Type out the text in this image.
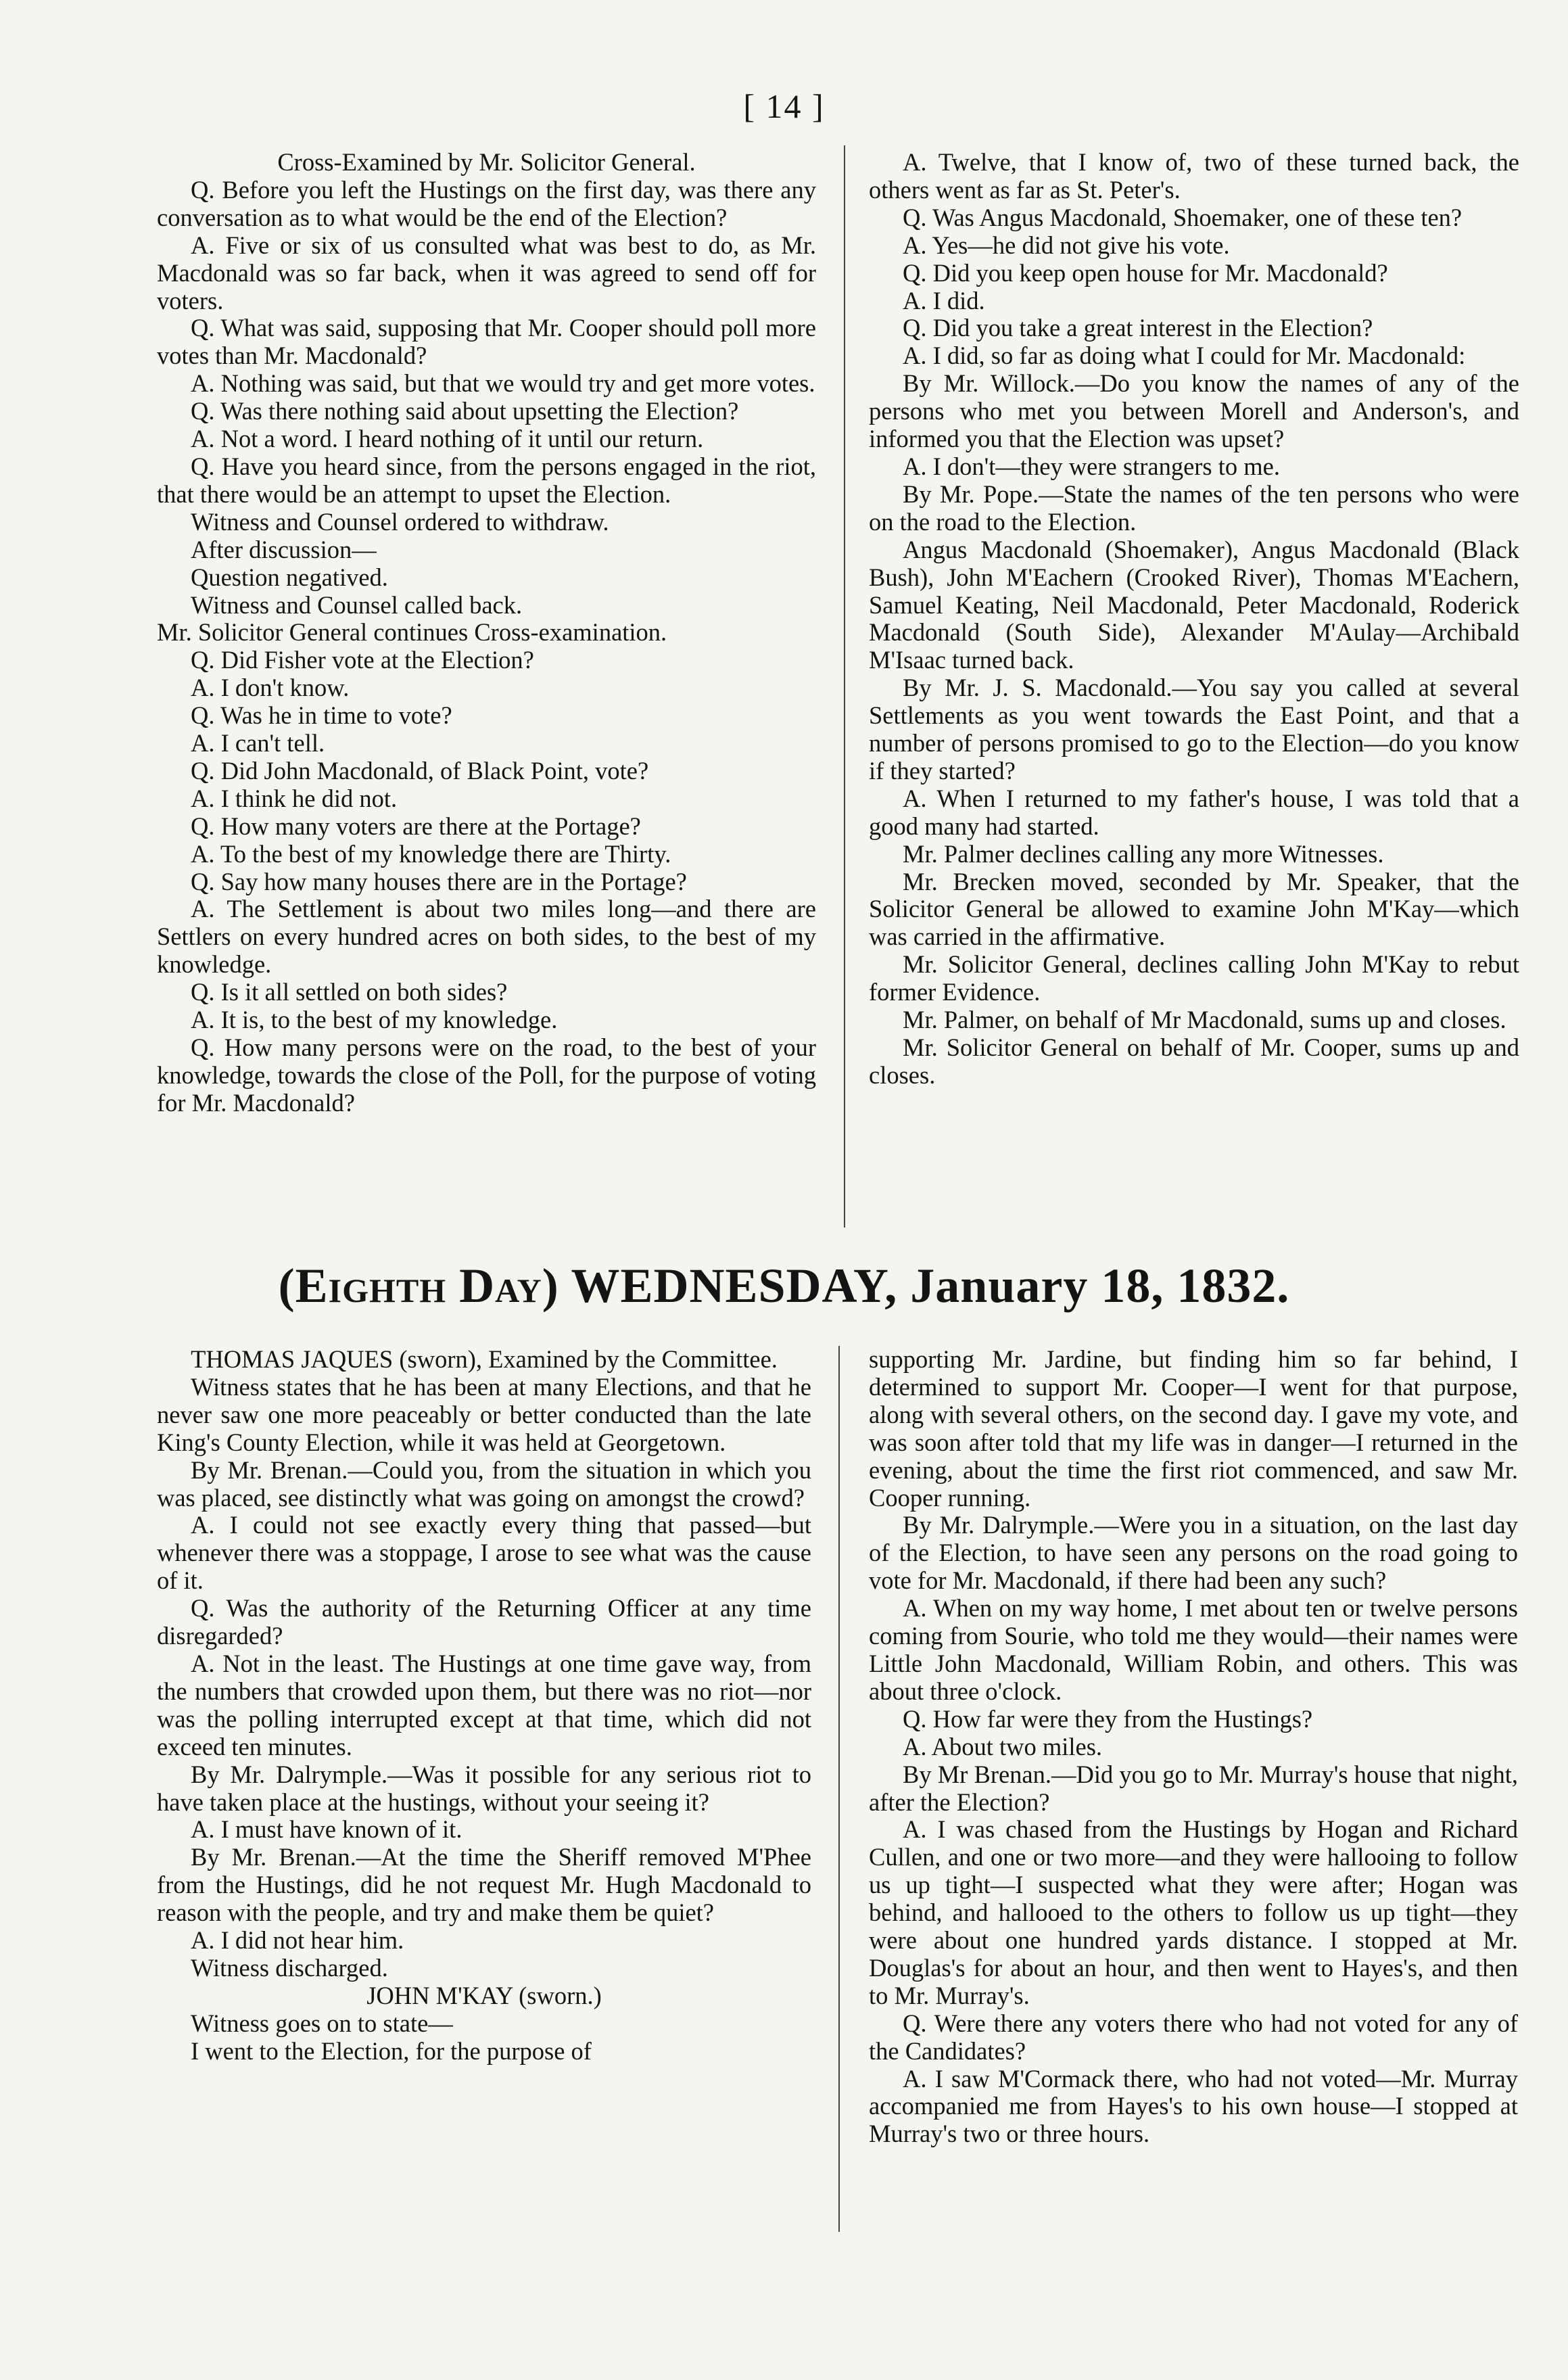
[ 14 ]

Cross-Examined by Mr. Solicitor General.

Q. Before you left the Hustings on the first day, was there any conversation as to what would be the end of the Election?

A. Five or six of us consulted what was best to do, as Mr. Macdonald was so far back, when it was agreed to send off for voters.

Q. What was said, supposing that Mr. Cooper should poll more votes than Mr. Macdonald?

A. Nothing was said, but that we would try and get more votes.

Q. Was there nothing said about upsetting the Election?

A. Not a word. I heard nothing of it until our return.

Q. Have you heard since, from the persons engaged in the riot, that there would be an attempt to upset the Election.

Witness and Counsel ordered to withdraw.

After discussion—

Question negatived.

Witness and Counsel called back.

Mr. Solicitor General continues Cross-examination.

Q. Did Fisher vote at the Election?

A. I don't know.

Q. Was he in time to vote?

A. I can't tell.

Q. Did John Macdonald, of Black Point, vote?

A. I think he did not.

Q. How many voters are there at the Portage?

A. To the best of my knowledge there are Thirty.

Q. Say how many houses there are in the Portage?

A. The Settlement is about two miles long—and there are Settlers on every hundred acres on both sides, to the best of my knowledge.

Q. Is it all settled on both sides?

A. It is, to the best of my knowledge.

Q. How many persons were on the road, to the best of your knowledge, towards the close of the Poll, for the purpose of voting for Mr. Macdonald?

A. Twelve, that I know of, two of these turned back, the others went as far as St. Peter's.

Q. Was Angus Macdonald, Shoemaker, one of these ten?

A. Yes—he did not give his vote.

Q. Did you keep open house for Mr. Macdonald?

A. I did.

Q. Did you take a great interest in the Election?

A. I did, so far as doing what I could for Mr. Macdonald:

By Mr. Willock.—Do you know the names of any of the persons who met you between Morell and Anderson's, and informed you that the Election was upset?

A. I don't—they were strangers to me.

By Mr. Pope.—State the names of the ten persons who were on the road to the Election.

Angus Macdonald (Shoemaker), Angus Macdonald (Black Bush), John M'Eachern (Crooked River), Thomas M'Eachern, Samuel Keating, Neil Macdonald, Peter Macdonald, Roderick Macdonald (South Side), Alexander M'Aulay—Archibald M'Isaac turned back.

By Mr. J. S. Macdonald.—You say you called at several Settlements as you went towards the East Point, and that a number of persons promised to go to the Election—do you know if they started?

A. When I returned to my father's house, I was told that a good many had started.

Mr. Palmer declines calling any more Witnesses.

Mr. Brecken moved, seconded by Mr. Speaker, that the Solicitor General be allowed to examine John M'Kay—which was carried in the affirmative.

Mr. Solicitor General, declines calling John M'Kay to rebut former Evidence.

Mr. Palmer, on behalf of Mr Macdonald, sums up and closes.

Mr. Solicitor General on behalf of Mr. Cooper, sums up and closes.

(Eighth Day) WEDNESDAY, January 18, 1832.

THOMAS JAQUES (sworn), Examined by the Committee.

Witness states that he has been at many Elections, and that he never saw one more peaceably or better conducted than the late King's County Election, while it was held at Georgetown.

By Mr. Brenan.—Could you, from the situation in which you was placed, see distinctly what was going on amongst the crowd?

A. I could not see exactly every thing that passed—but whenever there was a stoppage, I arose to see what was the cause of it.

Q. Was the authority of the Returning Officer at any time disregarded?

A. Not in the least. The Hustings at one time gave way, from the numbers that crowded upon them, but there was no riot—nor was the polling interrupted except at that time, which did not exceed ten minutes.

By Mr. Dalrymple.—Was it possible for any serious riot to have taken place at the hustings, without your seeing it?

A. I must have known of it.

By Mr. Brenan.—At the time the Sheriff removed M'Phee from the Hustings, did he not request Mr. Hugh Macdonald to reason with the people, and try and make them be quiet?

A. I did not hear him.

Witness discharged.

JOHN M'KAY (sworn.)

Witness goes on to state—

I went to the Election, for the purpose of

supporting Mr. Jardine, but finding him so far behind, I determined to support Mr. Cooper—I went for that purpose, along with several others, on the second day. I gave my vote, and was soon after told that my life was in danger—I returned in the evening, about the time the first riot commenced, and saw Mr. Cooper running.

By Mr. Dalrymple.—Were you in a situation, on the last day of the Election, to have seen any persons on the road going to vote for Mr. Macdonald, if there had been any such?

A. When on my way home, I met about ten or twelve persons coming from Sourie, who told me they would—their names were Little John Macdonald, William Robin, and others. This was about three o'clock.

Q. How far were they from the Hustings?

A. About two miles.

By Mr Brenan.—Did you go to Mr. Murray's house that night, after the Election?

A. I was chased from the Hustings by Hogan and Richard Cullen, and one or two more—and they were hallooing to follow us up tight—I suspected what they were after; Hogan was behind, and hallooed to the others to follow us up tight—they were about one hundred yards distance. I stopped at Mr. Douglas's for about an hour, and then went to Hayes's, and then to Mr. Murray's.

Q. Were there any voters there who had not voted for any of the Candidates?

A. I saw M'Cormack there, who had not voted—Mr. Murray accompanied me from Hayes's to his own house—I stopped at Murray's two or three hours.
